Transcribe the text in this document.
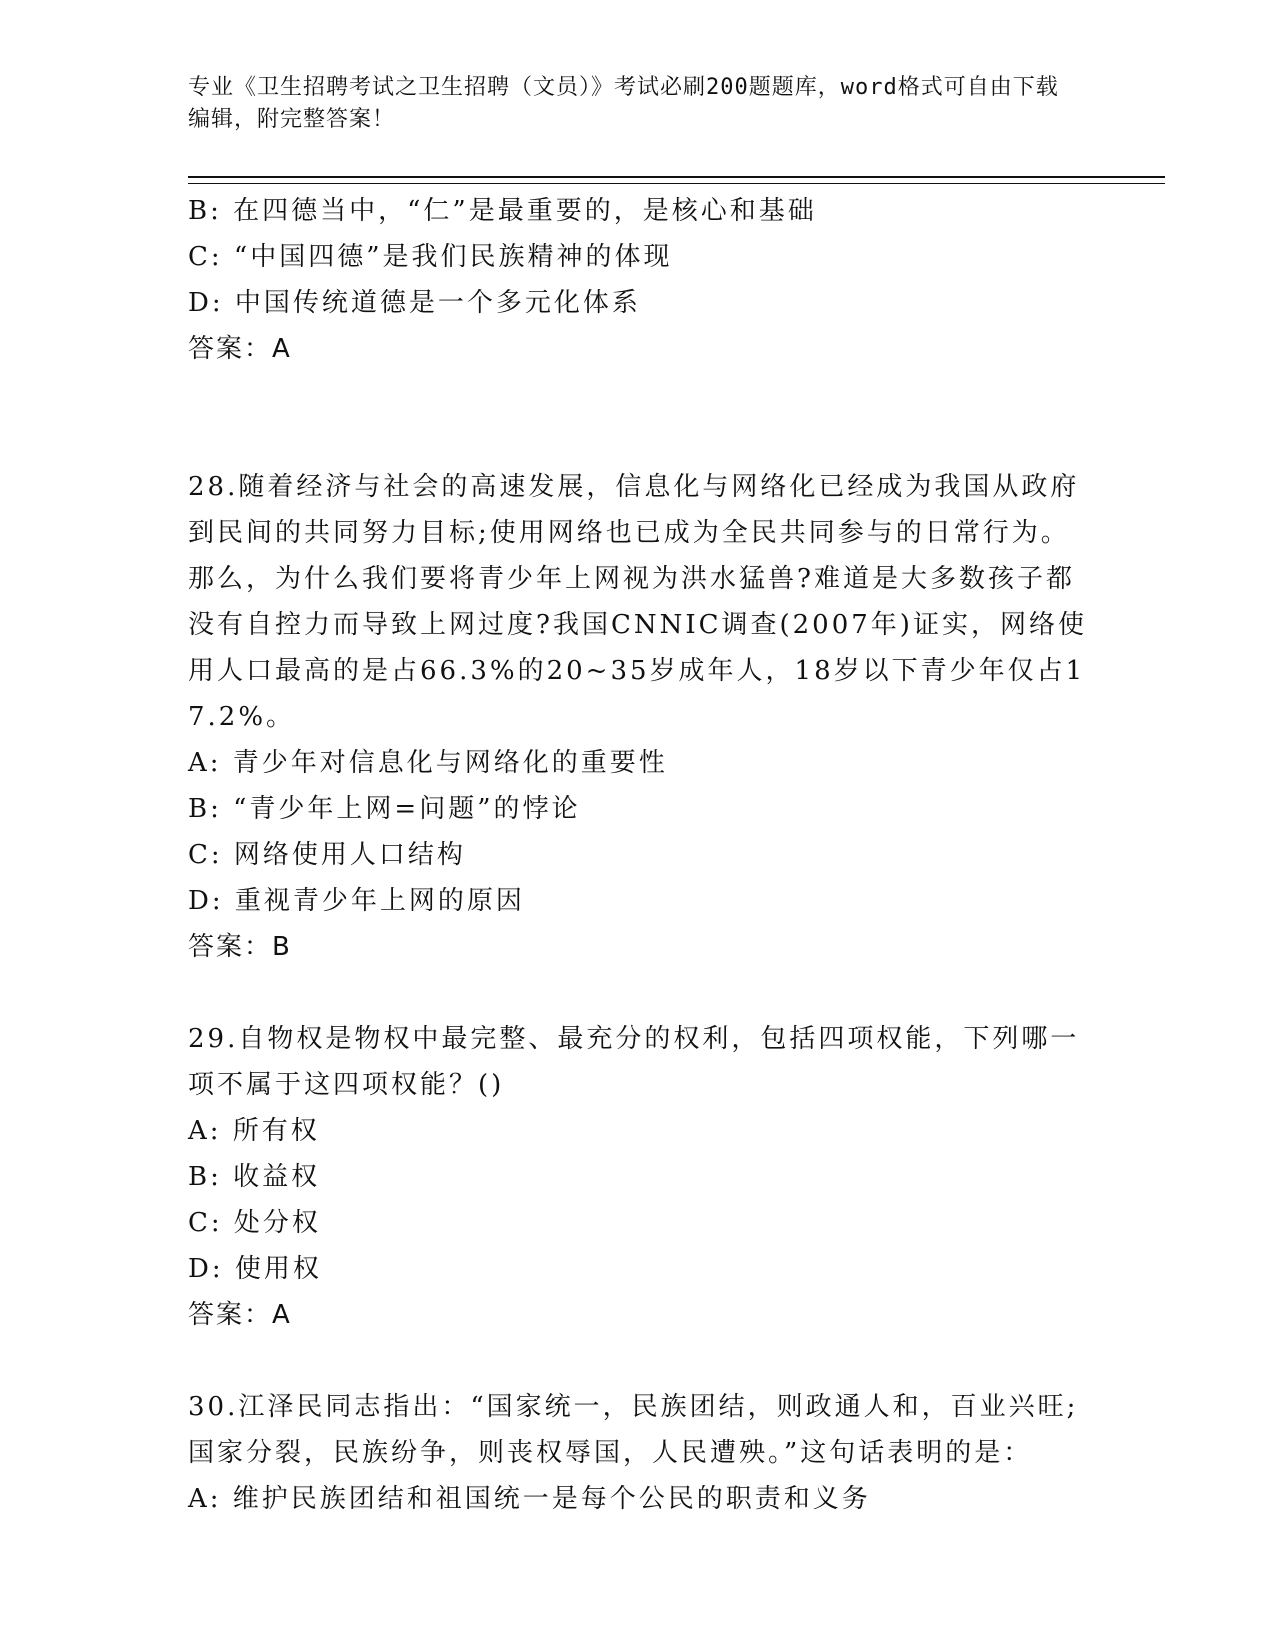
专业《卫生招聘考试之卫生招聘（文员）》考试必刷200题题库，word格式可自由下载编辑，附完整答案！
B: 在四德当中，“仁”是最重要的，是核心和基础
C: “中国四德”是我们民族精神的体现
D: 中国传统道德是一个多元化体系
答案：A
28.随着经济与社会的高速发展，信息化与网络化已经成为我国从政府到民间的共同努力目标;使用网络也已成为全民共同参与的日常行为。那么，为什么我们要将青少年上网视为洪水猛兽?难道是大多数孩子都没有自控力而导致上网过度?我国CNNIC调查(2007年)证实，网络使用人口最高的是占66.3%的20~35岁成年人，18岁以下青少年仅占17.2%。
A: 青少年对信息化与网络化的重要性
B: “青少年上网=问题”的悖论
C: 网络使用人口结构
D: 重视青少年上网的原因
答案：B
29.自物权是物权中最完整、最充分的权利，包括四项权能，下列哪一项不属于这四项权能？()
A: 所有权
B: 收益权
C: 处分权
D: 使用权
答案：A
30.江泽民同志指出：“国家统一，民族团结，则政通人和，百业兴旺;国家分裂，民族纷争，则丧权辱国，人民遭殃。”这句话表明的是：
A: 维护民族团结和祖国统一是每个公民的职责和义务
